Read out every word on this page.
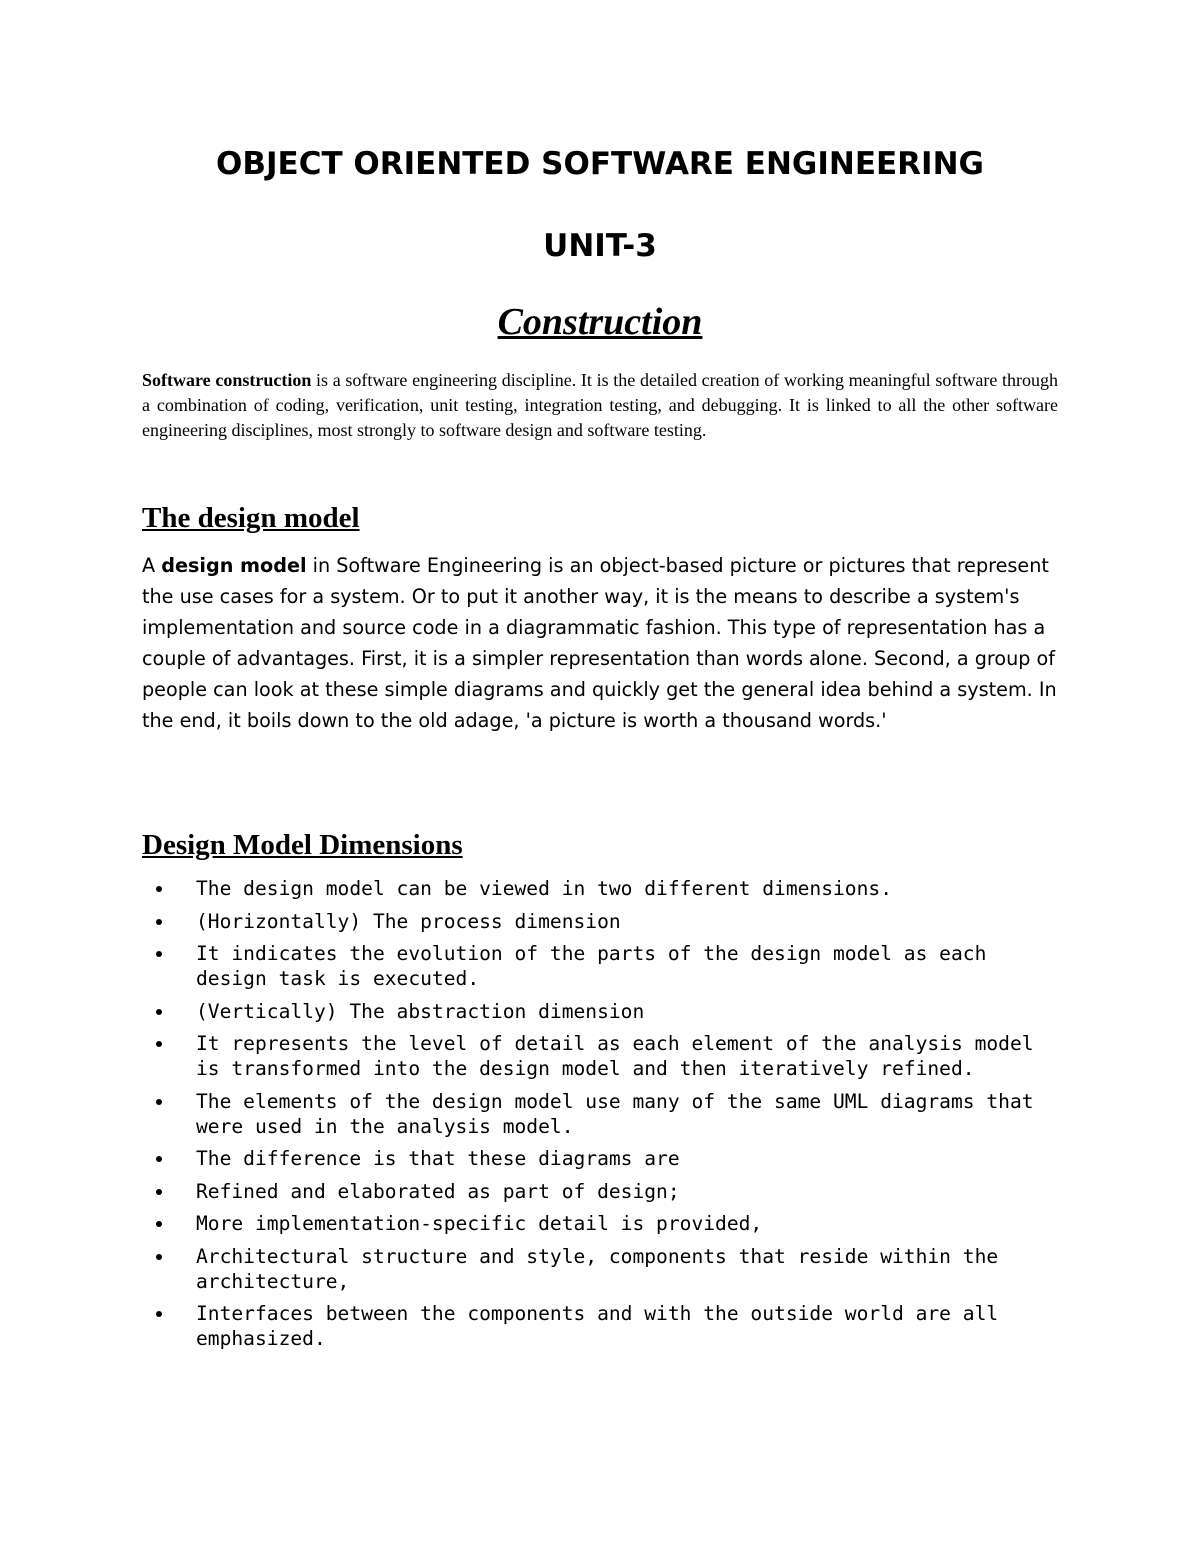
OBJECT ORIENTED SOFTWARE ENGINEERING
UNIT-3
Construction

Software construction is a software engineering discipline. It is the detailed creation of working meaningful software through a combination of coding, verification, unit testing, integration testing, and debugging. It is linked to all the other software engineering disciplines, most strongly to software design and software testing.

The design model

A design model in Software Engineering is an object-based picture or pictures that represent the use cases for a system. Or to put it another way, it is the means to describe a system's implementation and source code in a diagrammatic fashion. This type of representation has a couple of advantages. First, it is a simpler representation than words alone. Second, a group of people can look at these simple diagrams and quickly get the general idea behind a system. In the end, it boils down to the old adage, 'a picture is worth a thousand words.'

Design Model Dimensions
The design model can be viewed in two different dimensions.
(Horizontally) The process dimension
It indicates the evolution of the parts of the design model as each design task is executed.
(Vertically) The abstraction dimension
It represents the level of detail as each element of the analysis model is transformed into the design model and then iteratively refined.
The elements of the design model use many of the same UML diagrams that were used in the analysis model.
The difference is that these diagrams are
Refined and elaborated as part of design;
More implementation-specific detail is provided,
Architectural structure and style, components that reside within the architecture,
Interfaces between the components and with the outside world are all emphasized.
